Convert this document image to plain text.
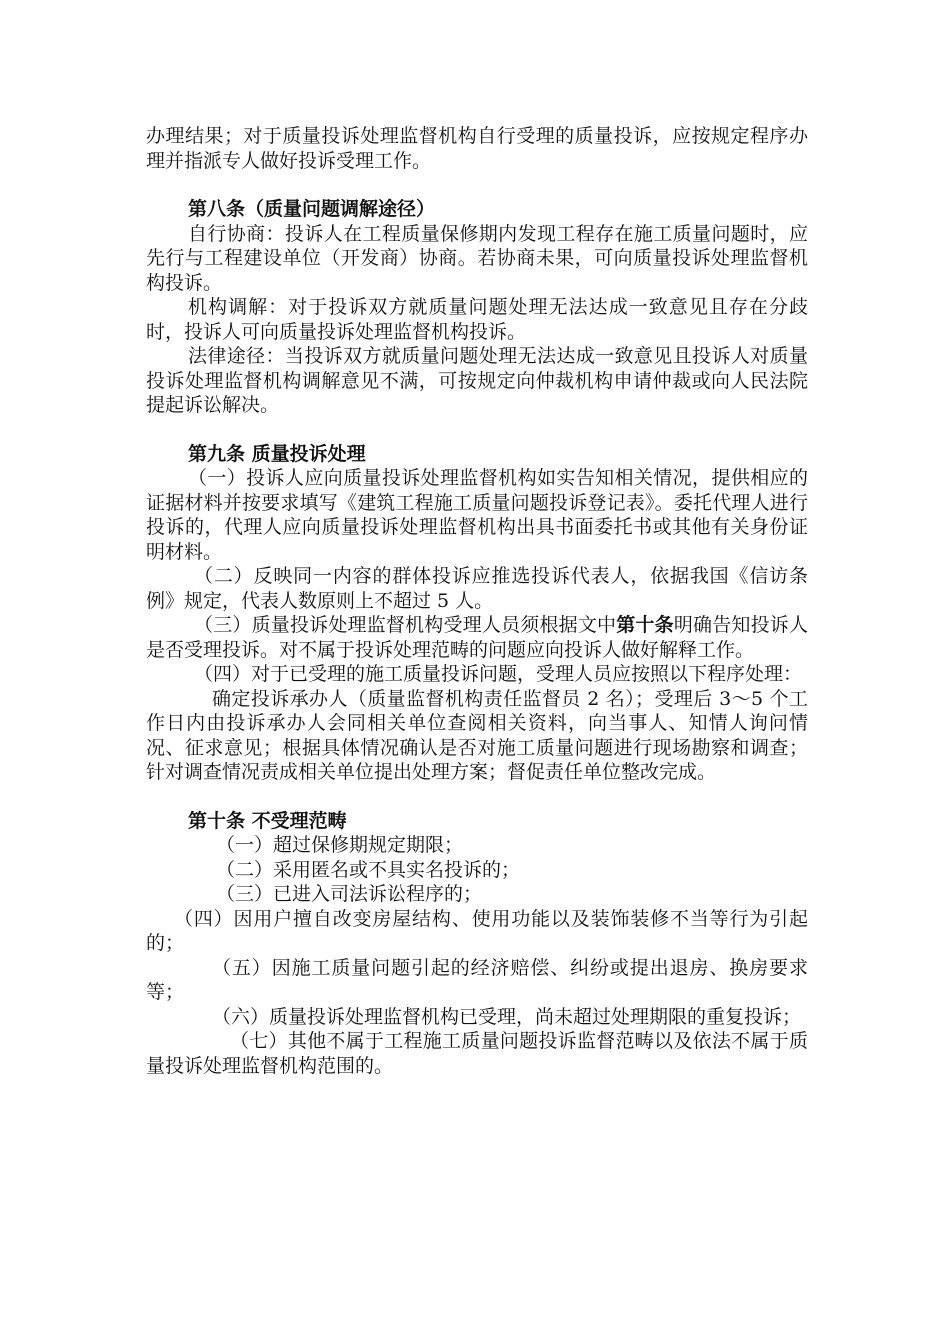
办理结果；对于质量投诉处理监督机构自行受理的质量投诉，应按规定程序办理并指派专人做好投诉受理工作。

第八条（质量问题调解途径）

自行协商：投诉人在工程质量保修期内发现工程存在施工质量问题时，应先行与工程建设单位（开发商）协商。若协商未果，可向质量投诉处理监督机构投诉。

机构调解：对于投诉双方就质量问题处理无法达成一致意见且存在分歧时，投诉人可向质量投诉处理监督机构投诉。

法律途径：当投诉双方就质量问题处理无法达成一致意见且投诉人对质量投诉处理监督机构调解意见不满，可按规定向仲裁机构申请仲裁或向人民法院提起诉讼解决。

第九条 质量投诉处理

（一）投诉人应向质量投诉处理监督机构如实告知相关情况，提供相应的证据材料并按要求填写《建筑工程施工质量问题投诉登记表》。委托代理人进行投诉的，代理人应向质量投诉处理监督机构出具书面委托书或其他有关身份证明材料。

（二）反映同一内容的群体投诉应推选投诉代表人，依据我国《信访条例》规定，代表人数原则上不超过 5 人。

（三）质量投诉处理监督机构受理人员须根据文中第十条明确告知投诉人是否受理投诉。对不属于投诉处理范畴的问题应向投诉人做好解释工作。

（四）对于已受理的施工质量投诉问题，受理人员应按照以下程序处理：

确定投诉承办人（质量监督机构责任监督员 2 名）；受理后 3～5 个工作日内由投诉承办人会同相关单位查阅相关资料，向当事人、知情人询问情况、征求意见；根据具体情况确认是否对施工质量问题进行现场勘察和调查；针对调查情况责成相关单位提出处理方案；督促责任单位整改完成。

第十条 不受理范畴

（一）超过保修期规定期限；

（二）采用匿名或不具实名投诉的；

（三）已进入司法诉讼程序的；

（四）因用户擅自改变房屋结构、使用功能以及装饰装修不当等行为引起的；

（五）因施工质量问题引起的经济赔偿、纠纷或提出退房、换房要求等；

（六）质量投诉处理监督机构已受理，尚未超过处理期限的重复投诉；

（七）其他不属于工程施工质量问题投诉监督范畴以及依法不属于质量投诉处理监督机构范围的。
